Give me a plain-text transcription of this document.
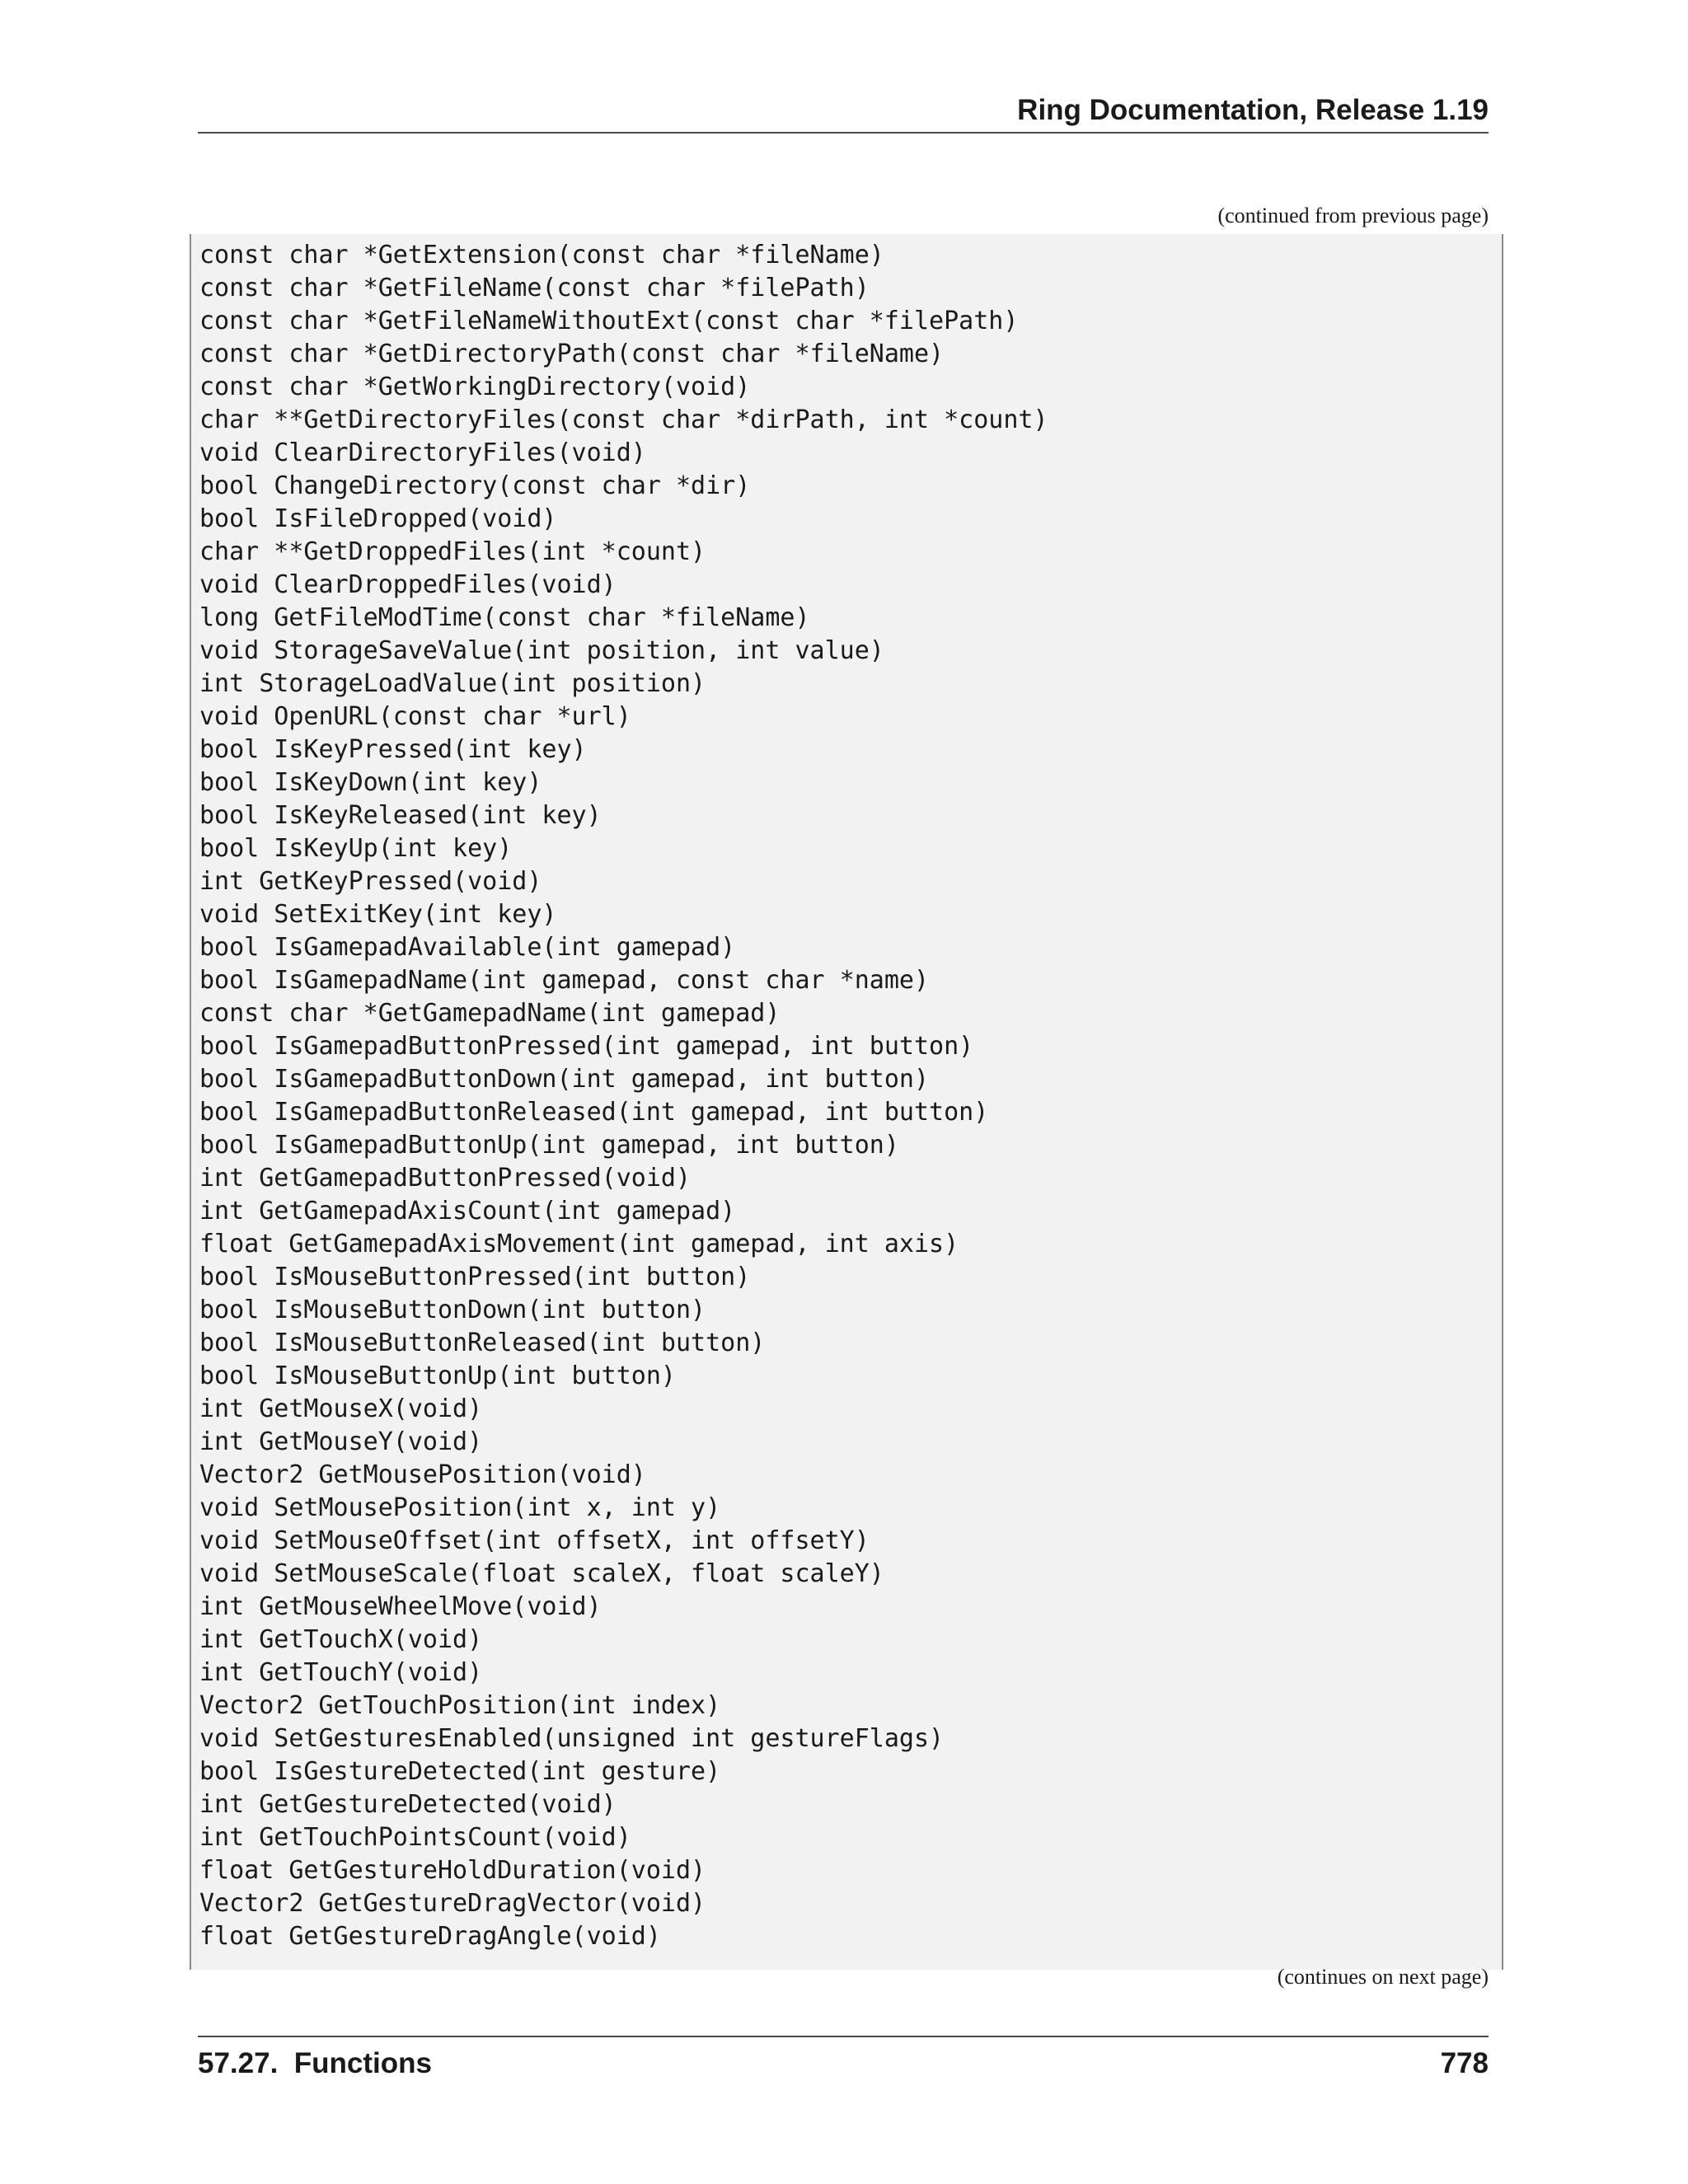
Ring Documentation, Release 1.19
(continued from previous page)
const char *GetExtension(const char *fileName)
const char *GetFileName(const char *filePath)
const char *GetFileNameWithoutExt(const char *filePath)
const char *GetDirectoryPath(const char *fileName)
const char *GetWorkingDirectory(void)
char **GetDirectoryFiles(const char *dirPath, int *count)
void ClearDirectoryFiles(void)
bool ChangeDirectory(const char *dir)
bool IsFileDropped(void)
char **GetDroppedFiles(int *count)
void ClearDroppedFiles(void)
long GetFileModTime(const char *fileName)
void StorageSaveValue(int position, int value)
int StorageLoadValue(int position)
void OpenURL(const char *url)
bool IsKeyPressed(int key)
bool IsKeyDown(int key)
bool IsKeyReleased(int key)
bool IsKeyUp(int key)
int GetKeyPressed(void)
void SetExitKey(int key)
bool IsGamepadAvailable(int gamepad)
bool IsGamepadName(int gamepad, const char *name)
const char *GetGamepadName(int gamepad)
bool IsGamepadButtonPressed(int gamepad, int button)
bool IsGamepadButtonDown(int gamepad, int button)
bool IsGamepadButtonReleased(int gamepad, int button)
bool IsGamepadButtonUp(int gamepad, int button)
int GetGamepadButtonPressed(void)
int GetGamepadAxisCount(int gamepad)
float GetGamepadAxisMovement(int gamepad, int axis)
bool IsMouseButtonPressed(int button)
bool IsMouseButtonDown(int button)
bool IsMouseButtonReleased(int button)
bool IsMouseButtonUp(int button)
int GetMouseX(void)
int GetMouseY(void)
Vector2 GetMousePosition(void)
void SetMousePosition(int x, int y)
void SetMouseOffset(int offsetX, int offsetY)
void SetMouseScale(float scaleX, float scaleY)
int GetMouseWheelMove(void)
int GetTouchX(void)
int GetTouchY(void)
Vector2 GetTouchPosition(int index)
void SetGesturesEnabled(unsigned int gestureFlags)
bool IsGestureDetected(int gesture)
int GetGestureDetected(void)
int GetTouchPointsCount(void)
float GetGestureHoldDuration(void)
Vector2 GetGestureDragVector(void)
float GetGestureDragAngle(void)
(continues on next page)
57.27.  Functions	778
